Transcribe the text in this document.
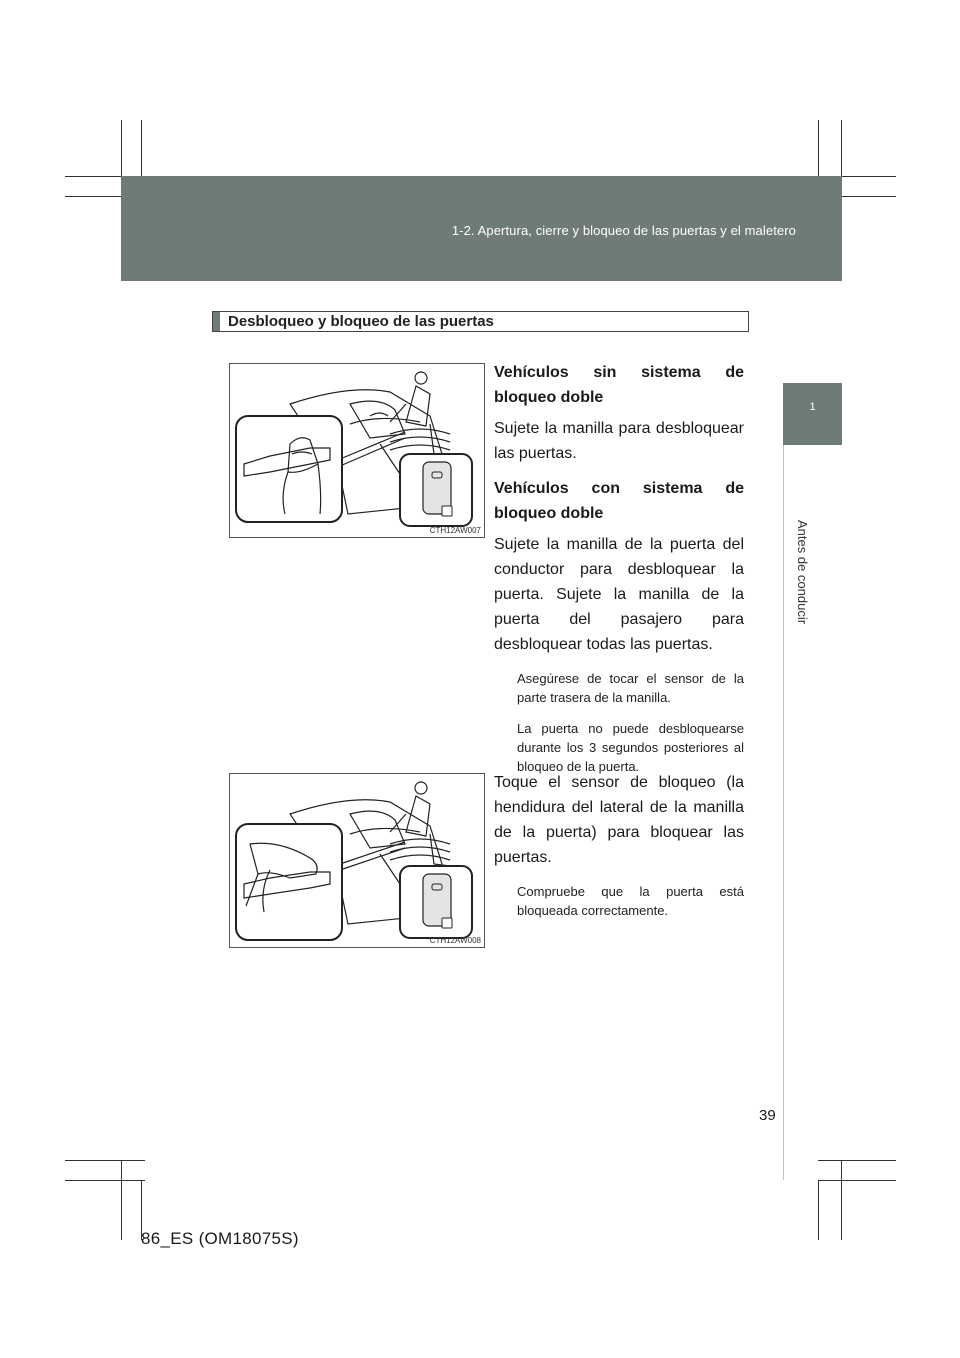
1-2. Apertura, cierre y bloqueo de las puertas y el maletero
1
Antes de conducir
Desbloqueo y bloqueo de las puertas
CTH12AW007
CTH12AW008

Vehículos sin sistema de bloqueo doble

Sujete la manilla para desbloquear las puertas.

Vehículos con sistema de bloqueo doble

Sujete la manilla de la puerta del conductor para desbloquear la puerta. Sujete la manilla de la puerta del pasajero para desbloquear todas las puertas.

Asegúrese de tocar el sensor de la parte trasera de la manilla.

La puerta no puede desbloquearse durante los 3 segundos posteriores al bloqueo de la puerta.

Toque el sensor de bloqueo (la hendidura del lateral de la manilla de la puerta) para bloquear las puertas.

Compruebe que la puerta está bloqueada correctamente.

39
86_ES (OM18075S)
